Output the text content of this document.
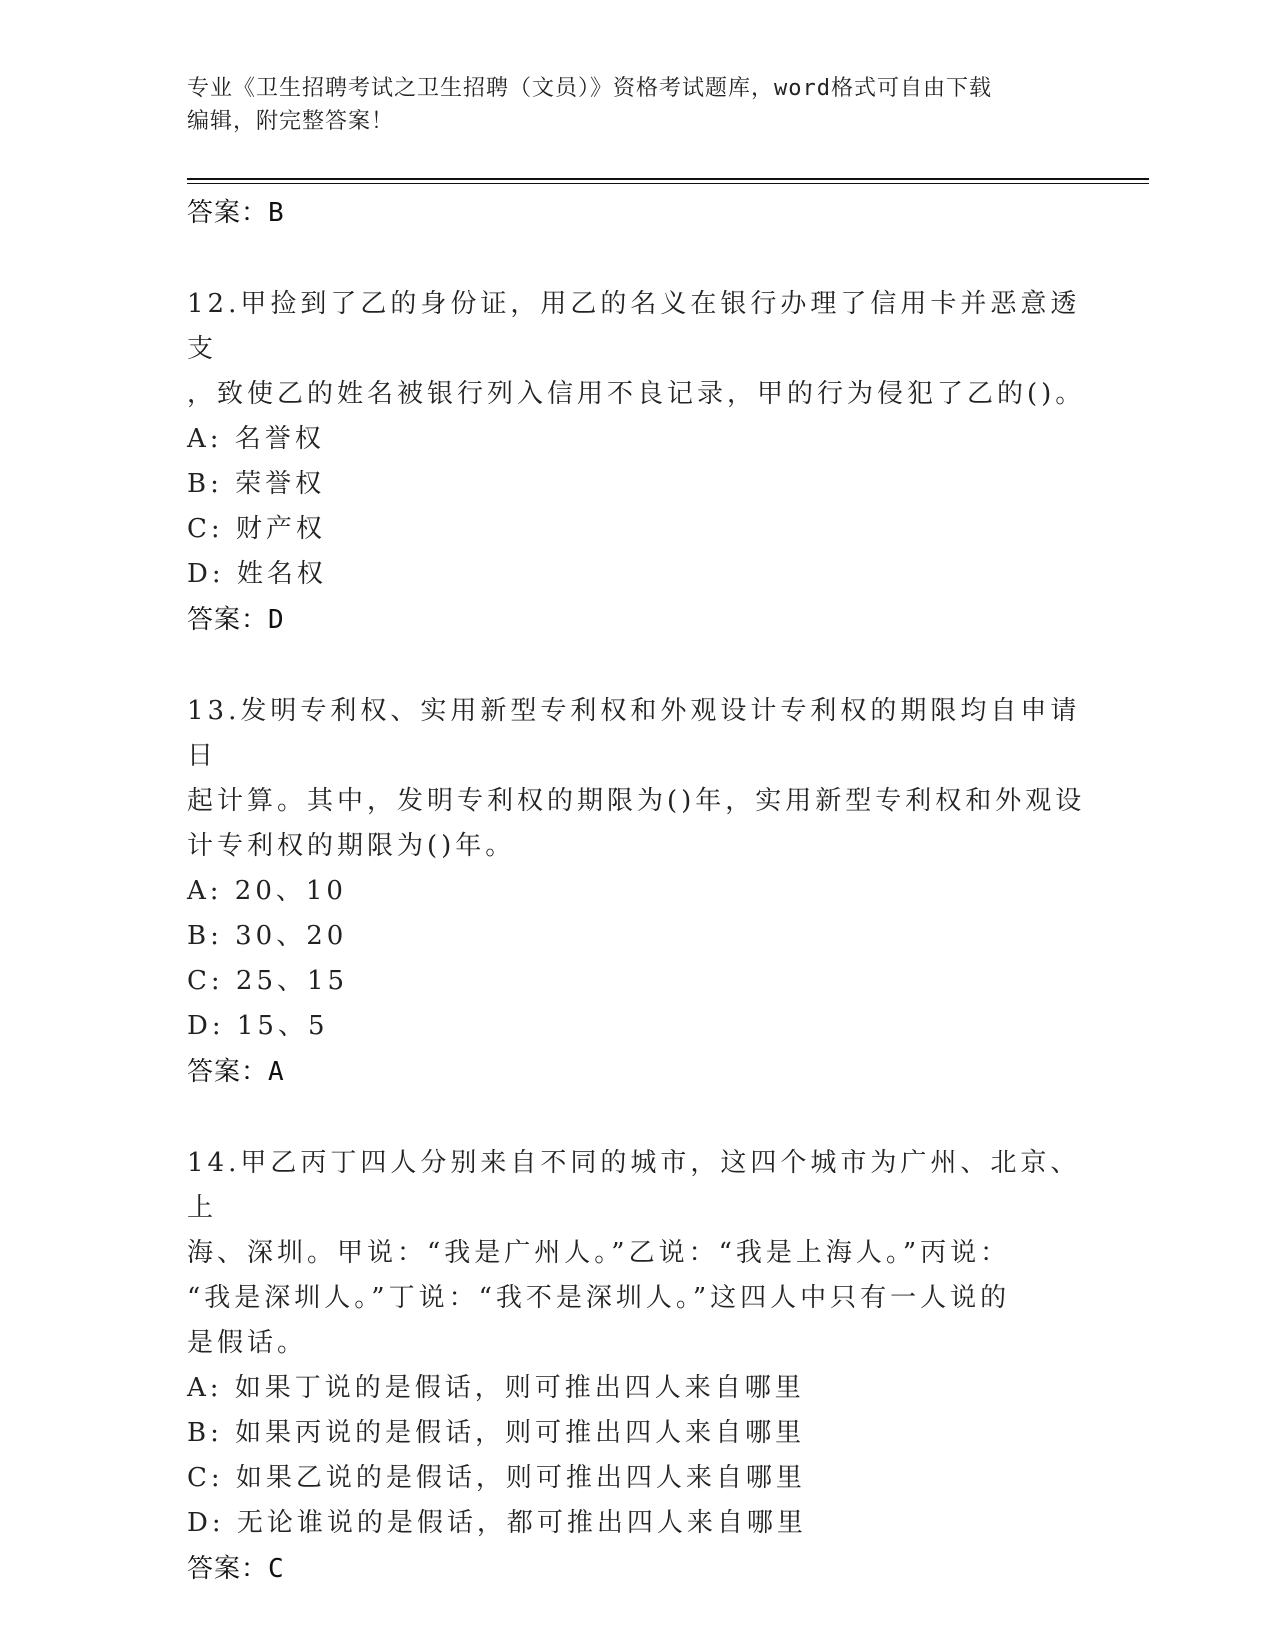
专业《卫生招聘考试之卫生招聘（文员）》资格考试题库，word格式可自由下载
编辑，附完整答案！

答案：B

12.甲捡到了乙的身份证，用乙的名义在银行办理了信用卡并恶意透支

，致使乙的姓名被银行列入信用不良记录，甲的行为侵犯了乙的()。

A: 名誉权

B: 荣誉权

C: 财产权

D: 姓名权

答案：D

13.发明专利权、实用新型专利权和外观设计专利权的期限均自申请日

起计算。其中，发明专利权的期限为()年，实用新型专利权和外观设

计专利权的期限为()年。

A: 20、10

B: 30、20

C: 25、15

D: 15、5

答案：A

14.甲乙丙丁四人分别来自不同的城市，这四个城市为广州、北京、上

海、深圳。甲说：“我是广州人。”乙说：“我是上海人。”丙说：

“我是深圳人。”丁说：“我不是深圳人。”这四人中只有一人说的

是假话。

A: 如果丁说的是假话，则可推出四人来自哪里

B: 如果丙说的是假话，则可推出四人来自哪里

C: 如果乙说的是假话，则可推出四人来自哪里

D: 无论谁说的是假话，都可推出四人来自哪里

答案：C
